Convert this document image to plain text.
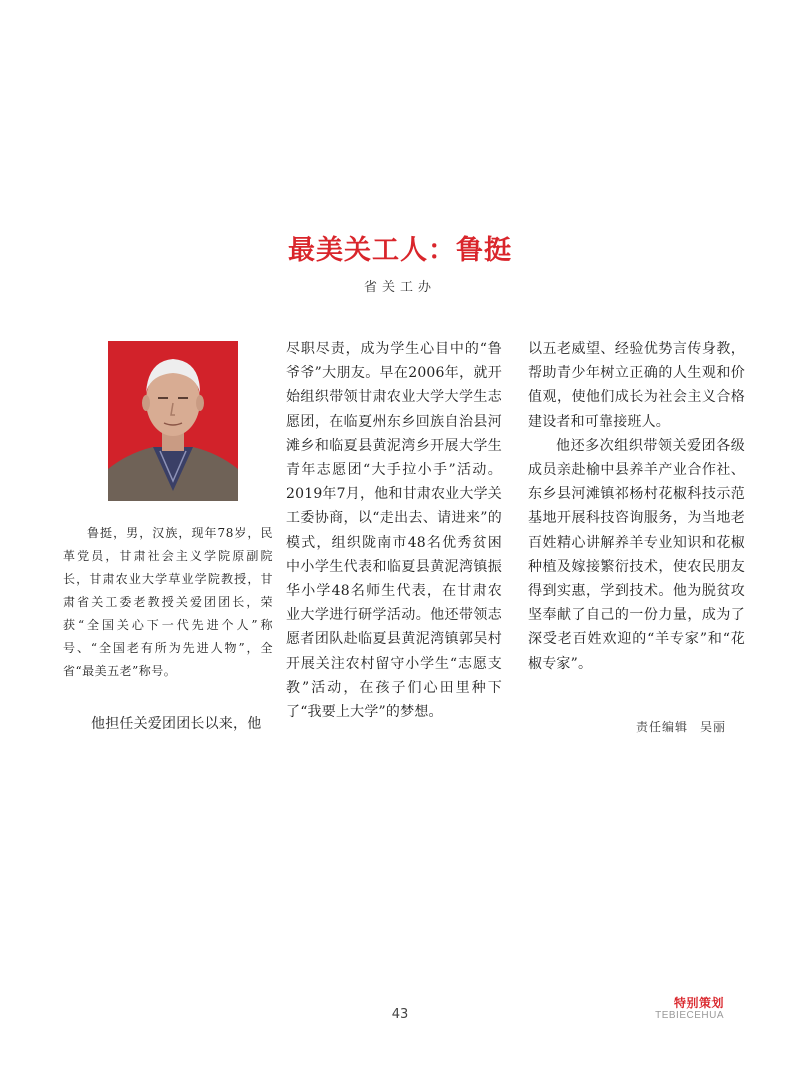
最美关工人：鲁挺
省关工办
鲁挺，男，汉族，现年78岁，民革党员，甘肃社会主义学院原副院长，甘肃农业大学草业学院教授，甘肃省关工委老教授关爱团团长，荣获“全国关心下一代先进个人”称号、“全国老有所为先进人物”，全省“最美五老”称号。

他担任关爱团团长以来，他

尽职尽责，成为学生心目中的“鲁爷爷”大朋友。早在2006年，就开始组织带领甘肃农业大学大学生志愿团，在临夏州东乡回族自治县河滩乡和临夏县黄泥湾乡开展大学生青年志愿团“大手拉小手”活动。2019年7月，他和甘肃农业大学关工委协商，以“走出去、请进来”的模式，组织陇南市48名优秀贫困中小学生代表和临夏县黄泥湾镇振华小学48名师生代表，在甘肃农业大学进行研学活动。他还带领志愿者团队赴临夏县黄泥湾镇郭吴村开展关注农村留守小学生“志愿支教”活动，在孩子们心田里种下了“我要上大学”的梦想。

以五老威望、经验优势言传身教，帮助青少年树立正确的人生观和价值观，使他们成长为社会主义合格建设者和可靠接班人。

他还多次组织带领关爱团各级成员亲赴榆中县养羊产业合作社、东乡县河滩镇祁杨村花椒科技示范基地开展科技咨询服务，为当地老百姓精心讲解养羊专业知识和花椒种植及嫁接繁衍技术，使农民朋友得到实惠，学到技术。他为脱贫攻坚奉献了自己的一份力量，成为了深受老百姓欢迎的“羊专家”和“花椒专家”。

责任编辑 吴丽
43
特别策划
TEBIECEHUA
